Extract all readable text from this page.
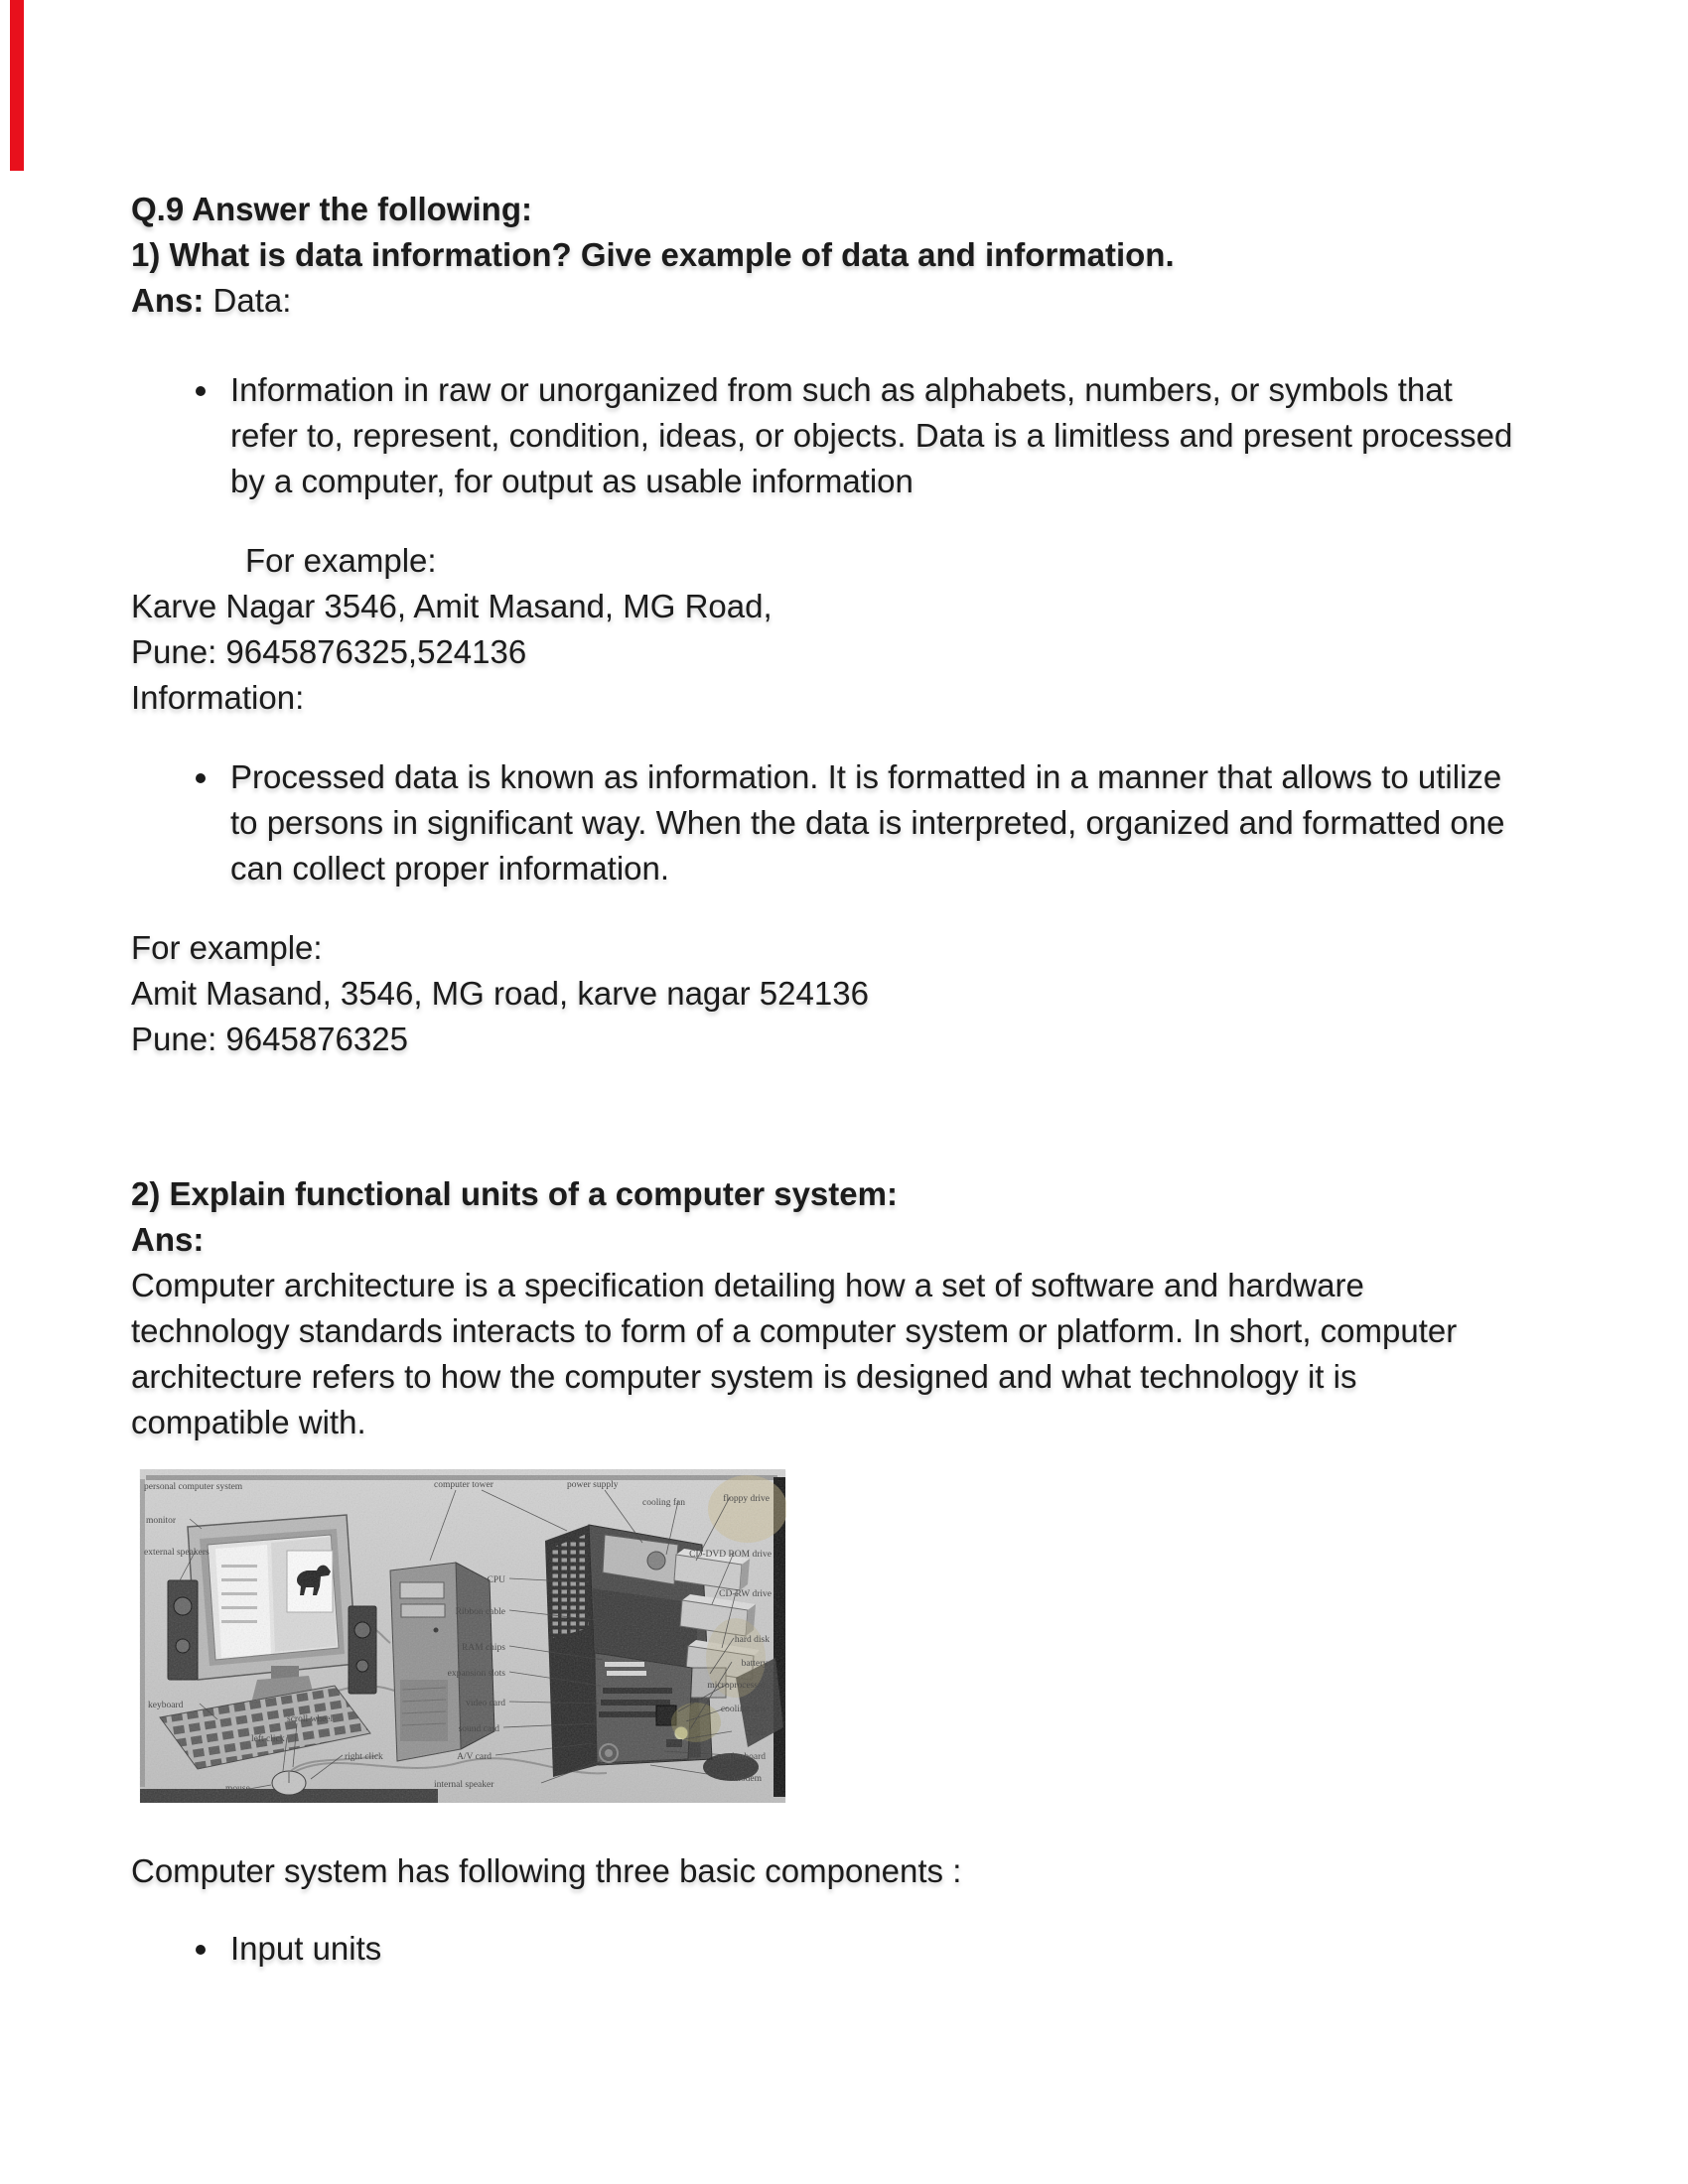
Q.9 Answer the following:
1) What is data information? Give example of data and information.
Ans: Data:
• Information in raw or unorganized from such as alphabets, numbers, or symbols that refer to, represent, condition, ideas, or objects. Data is a limitless and present processed by a computer, for output as usable information
For example:
Karve Nagar 3546, Amit Masand, MG Road,
Pune: 9645876325,524136
Information:
• Processed data is known as information. It is formatted in a manner that allows to utilize to persons in significant way. When the data is interpreted, organized and formatted one can collect proper information.
For example:
Amit Masand, 3546, MG road, karve nagar 524136
Pune: 9645876325
2) Explain functional units of a computer system:
Ans:
Computer architecture is a specification detailing how a set of software and hardware technology standards interacts to form of a computer system or platform. In short, computer architecture refers to how the computer system is designed and what technology it is compatible with.
personal computer system
monitor
external speakers
keyboard
scroll wheel
left click
right click
mouse
computer tower
CPU
Ribbon cable
RAM chips
expansion slots
video card
sound card
A/V card
internal speaker
power supply
cooling fan	floppy drive
CD-DVD ROM drive
CD-RW drive
hard disk
battery
microprocessor
cooling fins
clock
motherboard
modem
Computer system has following three basic components :
• Input units
